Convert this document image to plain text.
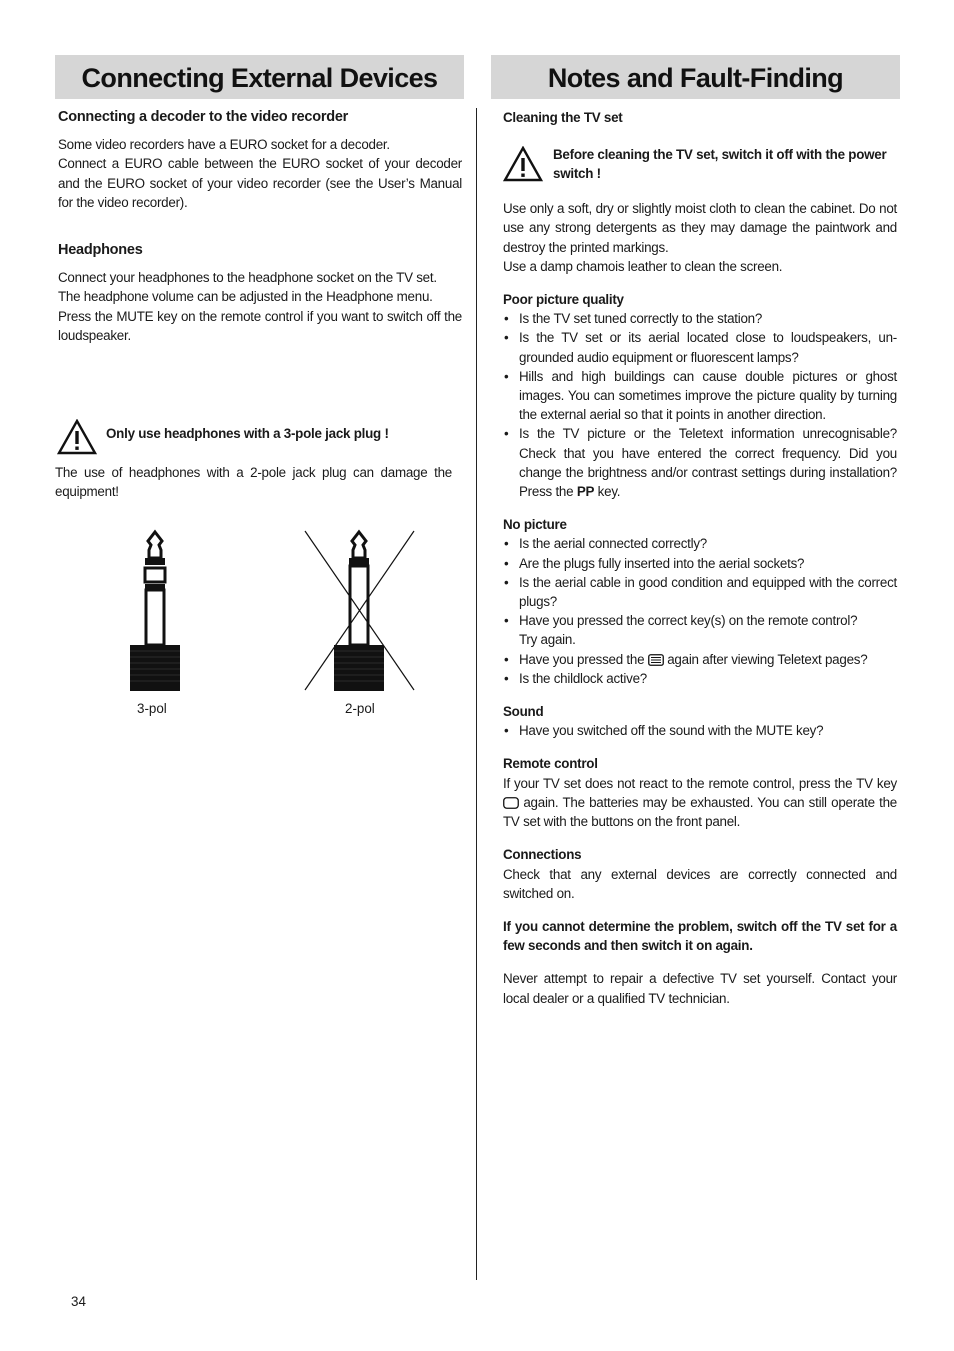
Connecting External Devices	Notes and Fault-Finding

Connecting a decoder to the video recorder

Some video recorders have a EURO socket for a decoder.

Connect a EURO cable between the EURO socket of your decoder and the EURO socket of your video recorder (see the User’s Manual for the video recorder).

Headphones

Connect your headphones to the headphone socket on the TV set.

The headphone volume can be adjusted in the Headphone menu.

Press the MUTE key on the remote control if you want to switch off the loudspeaker.

Only use headphones with a 3-pole jack plug !
The use of headphones with a 2-pole jack plug can damage the equipment!
3-pol	2-pol

Cleaning the TV set

Before cleaning the TV set, switch it off with the power switch !

Use only a soft, dry or slightly moist cloth to clean the cabinet. Do not use any strong detergents as they may damage the paintwork and destroy the printed markings.

Use a damp chamois leather to clean the screen.

Poor picture quality

• Is the TV set tuned correctly to the station?
• Is the TV set or its aerial located close to loudspeakers, un-grounded audio equipment or fluorescent lamps?
• Hills and high buildings can cause double pictures or ghost images. You can sometimes improve the picture quality by turning the external aerial so that it points in another direction.
• Is the TV picture or the Teletext information unrecognisable? Check that you have entered the correct frequency. Did you change the brightness and/or contrast settings during installation? Press the PP key.

No picture

• Is the aerial connected correctly?
• Are the plugs fully inserted into the aerial sockets?
• Is the aerial cable in good condition and equipped with the correct plugs?
• Have you pressed the correct key(s) on the remote control?
Try again.
• Have you pressed the again after viewing Teletext pages?
• Is the childlock active?

Sound

• Have you switched off the sound with the MUTE key?

Remote control

If your TV set does not react to the remote control, press the TV key  again. The batteries may be exhausted. You can still operate the TV set with the buttons on the front panel.

Connections

Check that any external devices are correctly connected and switched on.

If you cannot determine the problem, switch off the TV set for a few seconds and then switch it on again.

Never attempt to repair a defective TV set yourself. Contact your local dealer or a qualified TV technician.

34
